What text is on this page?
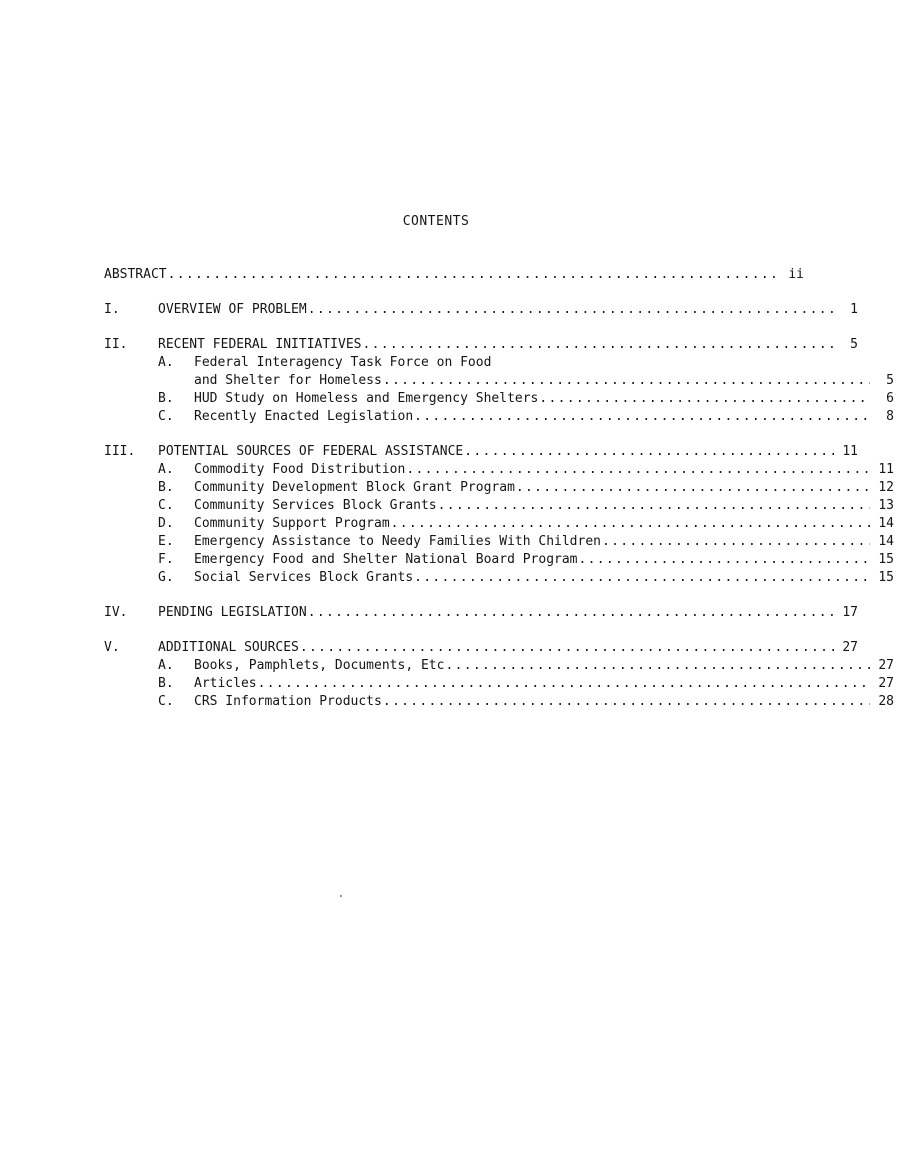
CONTENTS
ABSTRACT .....	ii
I.	OVERVIEW OF PROBLEM .....	1
II.	RECENT FEDERAL INITIATIVES .....	5
A.	Federal Interagency Task Force on Food
and Shelter for Homeless .....	5
B.	HUD Study on Homeless and Emergency Shelters .....	6
C.	Recently Enacted Legislation .....	8
III.	POTENTIAL SOURCES OF FEDERAL ASSISTANCE .....	11
A.	Commodity Food Distribution .....	11
B.	Community Development Block Grant Program .....	12
C.	Community Services Block Grants .....	13
D.	Community Support Program .....	14
E.	Emergency Assistance to Needy Families With Children .....	14
F.	Emergency Food and Shelter National Board Program .....	15
G.	Social Services Block Grants .....	15
IV.	PENDING LEGISLATION .....	17
V.	ADDITIONAL SOURCES .....	27
A.	Books, Pamphlets, Documents, Etc .....	27
B.	Articles .....	27
C.	CRS Information Products .....	28
